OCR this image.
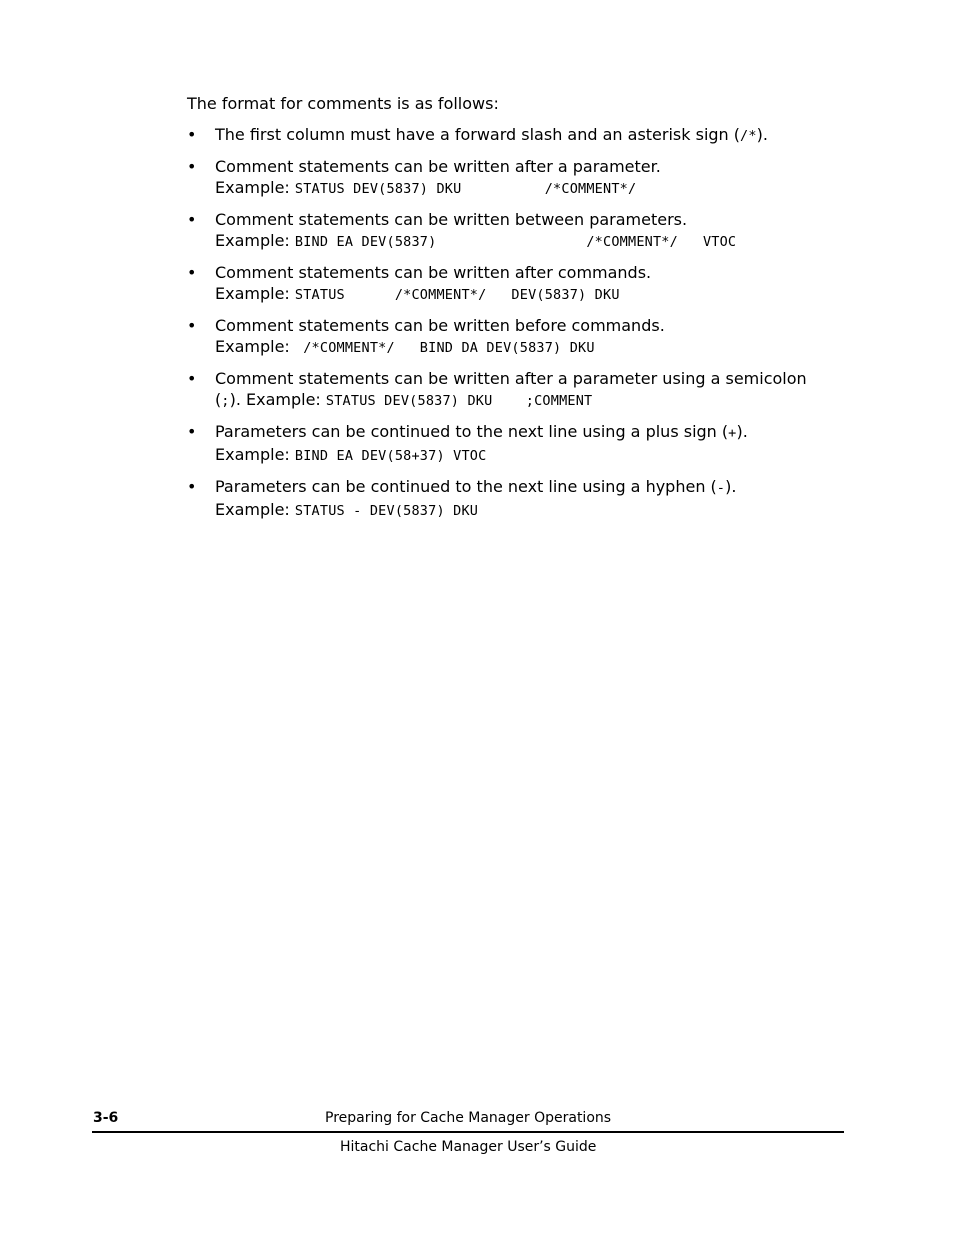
The format for comments is as follows:

• The first column must have a forward slash and an asterisk sign (/*).
• Comment statements can be written after a parameter.
Example: STATUS DEV(5837) DKU          /*COMMENT*/
• Comment statements can be written between parameters.
Example: BIND EA DEV(5837)                  /*COMMENT*/   VTOC
• Comment statements can be written after commands.
Example: STATUS      /*COMMENT*/   DEV(5837) DKU
• Comment statements can be written before commands.
Example:  /*COMMENT*/   BIND DA DEV(5837) DKU
• Comment statements can be written after a parameter using a semicolon
(;). Example: STATUS DEV(5837) DKU    ;COMMENT
• Parameters can be continued to the next line using a plus sign (+).
Example: BIND EA DEV(58+37) VTOC
• Parameters can be continued to the next line using a hyphen (-).
Example: STATUS - DEV(5837) DKU
3-6	Preparing for Cache Manager Operations
Hitachi Cache Manager User’s Guide
